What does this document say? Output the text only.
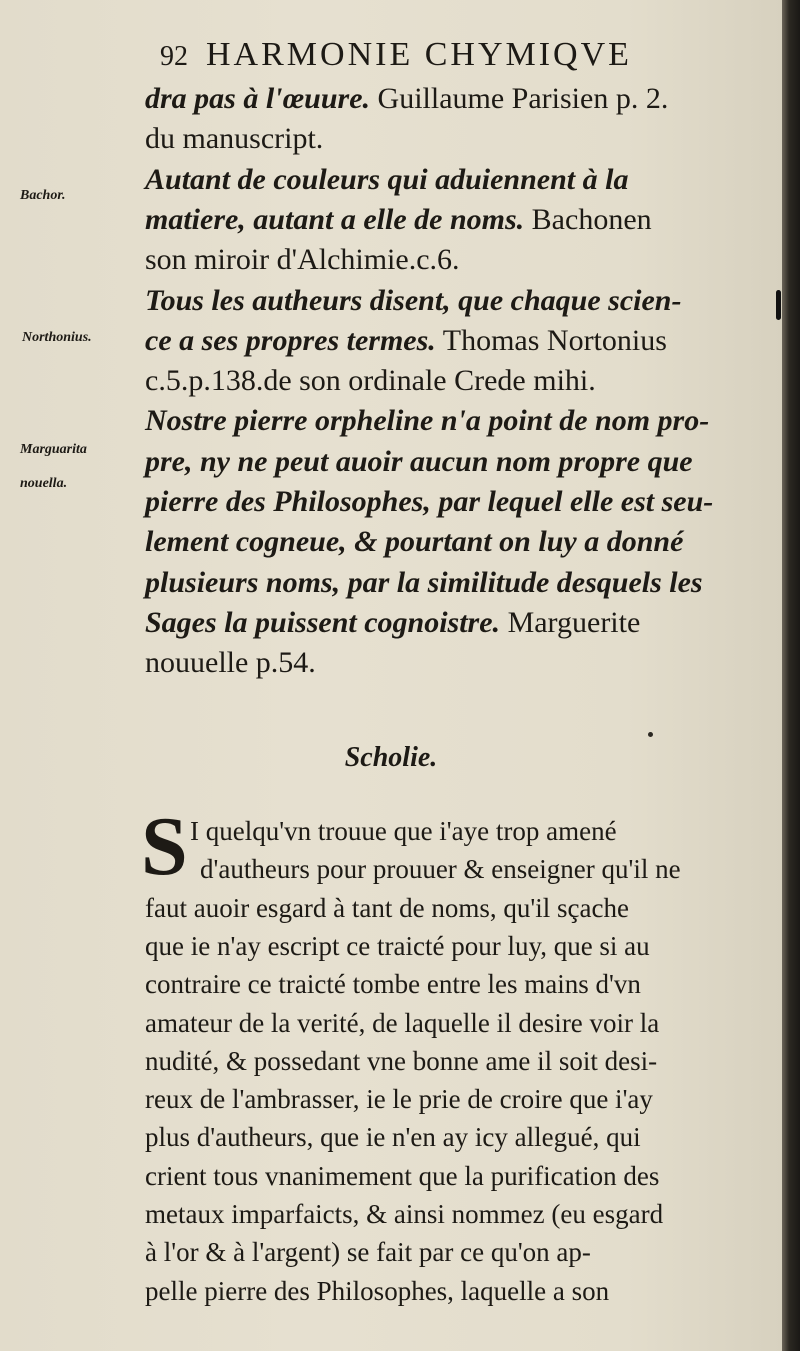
92 HARMONIE CHYMIQVE
Bachor.
Northonius.
Marguarita
nouella.
dra pas à l'œuure. Guillaume Parisien p. 2.
du manuscript.
Autant de couleurs qui aduiennent à la
matiere, autant a elle de noms. Bachonen
son miroir d'Alchimie.c.6.
Tous les autheurs disent, que chaque scien-
ce a ses propres termes. Thomas Nortonius
c.5.p.138.de son ordinale Crede mihi.
Nostre pierre orpheline n'a point de nom pro-
pre, ny ne peut auoir aucun nom propre que
pierre des Philosophes, par lequel elle est seu-
lement cogneue, & pourtant on luy a donné
plusieurs noms, par la similitude desquels les
Sages la puissent cognoistre. Marguerite
nouuelle p.54.
Scholie.
S I quelqu'vn trouue que i'aye trop amené
d'autheurs pour prouuer & enseigner qu'il ne
faut auoir esgard à tant de noms, qu'il sçache
que ie n'ay escript ce traicté pour luy, que si au
contraire ce traicté tombe entre les mains d'vn
amateur de la verité, de laquelle il desire voir la
nudité, & possedant vne bonne ame il soit desi-
reux de l'ambrasser, ie le prie de croire que i'ay
plus d'autheurs, que ie n'en ay icy allegué, qui
crient tous vnanimement que la purification des
metaux imparfaicts, & ainsi nommez (eu esgard
à l'or & à l'argent) se fait par ce qu'on ap-
pelle pierre des Philosophes, laquelle a son
